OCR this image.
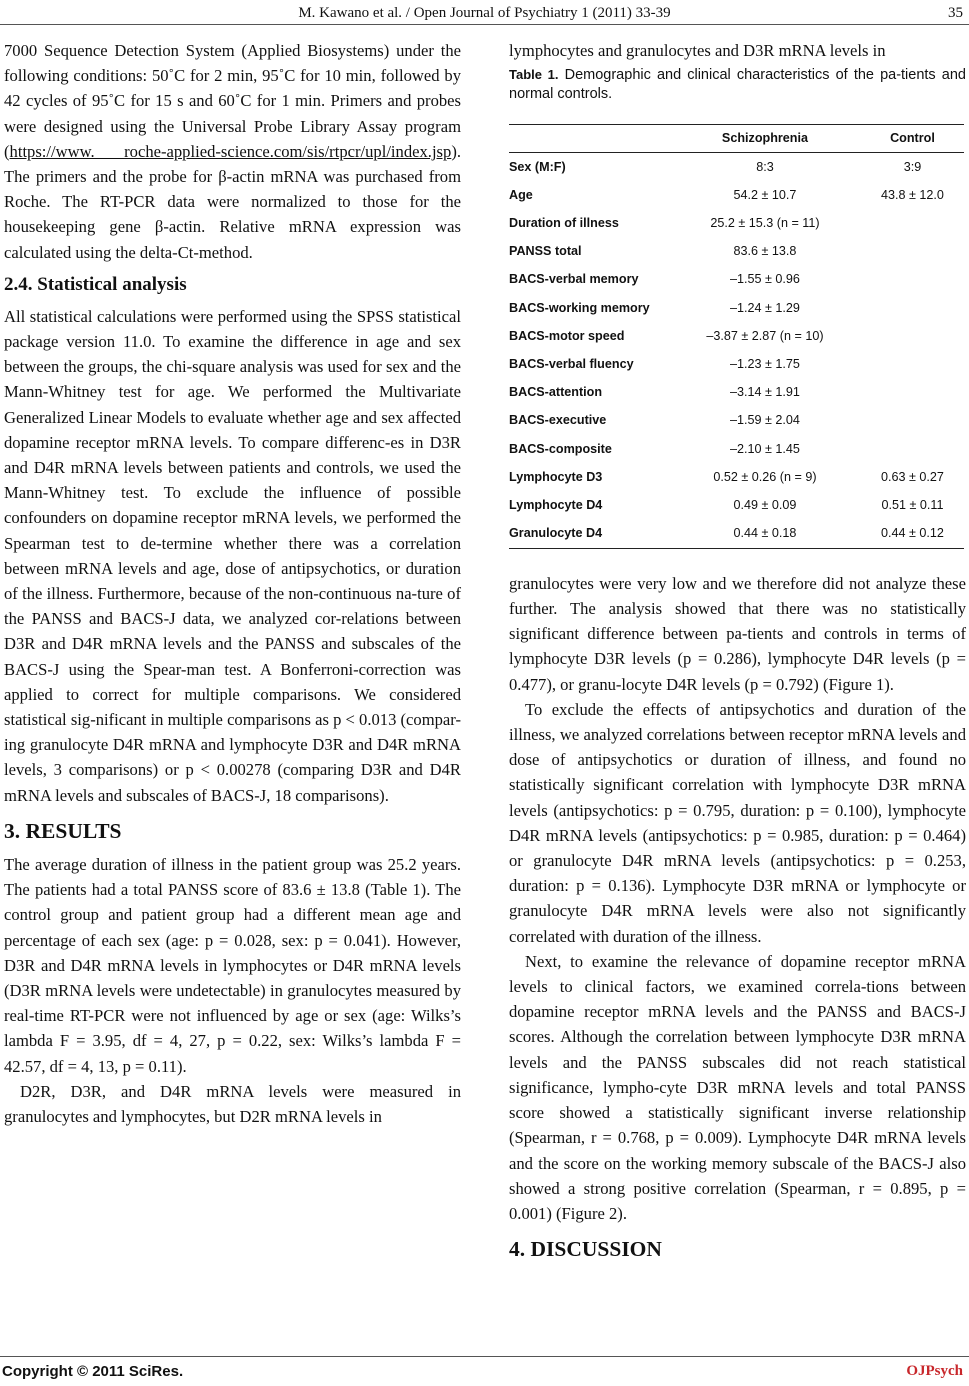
M. Kawano et al. / Open Journal of Psychiatry 1 (2011) 33-39	35

7000 Sequence Detection System (Applied Biosystems) under the following conditions: 50˚C for 2 min, 95˚C for 10 min, followed by 42 cycles of 95˚C for 15 s and 60˚C for 1 min. Primers and probes were designed using the Universal Probe Library Assay program (https://www. roche-applied-science.com/sis/rtpcr/upl/index.jsp). The primers and the probe for β-actin mRNA was purchased from Roche. The RT-PCR data were normalized to those for the housekeeping gene β-actin. Relative mRNA expression was calculated using the delta-Ct-method.

2.4. Statistical analysis

All statistical calculations were performed using the SPSS statistical package version 11.0. To examine the difference in age and sex between the groups, the chi-square analysis was used for sex and the Mann-Whitney test for age. We performed the Multivariate Generalized Linear Models to evaluate whether age and sex affected dopamine receptor mRNA levels. To compare differenc-es in D3R and D4R mRNA levels between patients and controls, we used the Mann-Whitney test. To exclude the influence of possible confounders on dopamine receptor mRNA levels, we performed the Spearman test to de-termine whether there was a correlation between mRNA levels and age, dose of antipsychotics, or duration of the illness. Furthermore, because of the non-continuous na-ture of the PANSS and BACS-J data, we analyzed cor-relations between D3R and D4R mRNA levels and the PANSS and subscales of the BACS-J using the Spear-man test. A Bonferroni-correction was applied to correct for multiple comparisons. We considered statistical sig-nificant in multiple comparisons as p < 0.013 (compar-ing granulocyte D4R mRNA and lymphocyte D3R and D4R mRNA levels, 3 comparisons) or p < 0.00278 (comparing D3R and D4R mRNA levels and subscales of BACS-J, 18 comparisons).

3. RESULTS

The average duration of illness in the patient group was 25.2 years. The patients had a total PANSS score of 83.6 ± 13.8 (Table 1). The control group and patient group had a different mean age and percentage of each sex (age: p = 0.028, sex: p = 0.041). However, D3R and D4R mRNA levels in lymphocytes or D4R mRNA levels (D3R mRNA levels were undetectable) in granulocytes measured by real-time RT-PCR were not influenced by age or sex (age: Wilks’s lambda F = 3.95, df = 4, 27, p = 0.22, sex: Wilks’s lambda F = 42.57, df = 4, 13, p = 0.11).

D2R, D3R, and D4R mRNA levels were measured in granulocytes and lymphocytes, but D2R mRNA levels in

lymphocytes and granulocytes and D3R mRNA levels in

Table 1. Demographic and clinical characteristics of the pa-tients and normal controls.
	Schizophrenia	Control
Sex (M:F)	8:3	3:9
Age	54.2 ± 10.7	43.8 ± 12.0
Duration of illness	25.2 ± 15.3 (n = 11)	
PANSS total	83.6 ± 13.8	
BACS-verbal memory	–1.55 ± 0.96	
BACS-working memory	–1.24 ± 1.29	
BACS-motor speed	–3.87 ± 2.87 (n = 10)	
BACS-verbal fluency	–1.23 ± 1.75	
BACS-attention	–3.14 ± 1.91	
BACS-executive	–1.59 ± 2.04	
BACS-composite	–2.10 ± 1.45	
Lymphocyte D3	0.52 ± 0.26 (n = 9)	0.63 ± 0.27
Lymphocyte D4	0.49 ± 0.09	0.51 ± 0.11
Granulocyte D4	0.44 ± 0.18	0.44 ± 0.12

granulocytes were very low and we therefore did not analyze these further. The analysis showed that there was no statistically significant difference between pa-tients and controls in terms of lymphocyte D3R levels (p = 0.286), lymphocyte D4R levels (p = 0.477), or granu-locyte D4R levels (p = 0.792) (Figure 1).

To exclude the effects of antipsychotics and duration of the illness, we analyzed correlations between receptor mRNA levels and dose of antipsychotics or duration of illness, and found no statistically significant correlation with lymphocyte D3R mRNA levels (antipsychotics: p = 0.795, duration: p = 0.100), lymphocyte D4R mRNA levels (antipsychotics: p = 0.985, duration: p = 0.464) or granulocyte D4R mRNA levels (antipsychotics: p = 0.253, duration: p = 0.136). Lymphocyte D3R mRNA or lymphocyte or granulocyte D4R mRNA levels were also not significantly correlated with duration of the illness.

Next, to examine the relevance of dopamine receptor mRNA levels to clinical factors, we examined correla-tions between dopamine receptor mRNA levels and the PANSS and BACS-J scores. Although the correlation between lymphocyte D3R mRNA levels and the PANSS subscales did not reach statistical significance, lympho-cyte D3R mRNA levels and total PANSS score showed a statistically significant inverse relationship (Spearman, r = 0.768, p = 0.009). Lymphocyte D4R mRNA levels and the score on the working memory subscale of the BACS-J also showed a strong positive correlation (Spearman, r = 0.895, p = 0.001) (Figure 2).

4. DISCUSSION
Copyright © 2011 SciRes.	OJPsych
